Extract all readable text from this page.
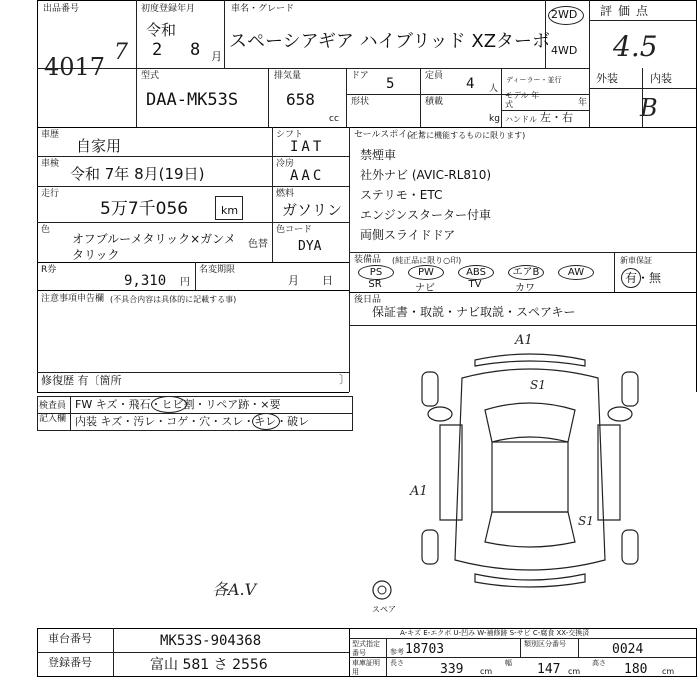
出品番号
4017
7
初度登録年月
令和
2 8 月
車名・グレード
スペーシアギア ハイブリッド XZターボ
2WD
4WD
評価点
4.5
型式
DAA-MK53S
排気量
658
cc
ドア 5	定員 4 人
ディーラー・並行
形状	積載
kg
モデル 年式	年
ハンドル 左・右
外装	内装
B
車歴
自家用
シフト
IAT
車検
令和 7年 8月(19日)
冷房
AAC
走行
5万7千056	km
燃料
ガソリン
色
オフブルーメタリック×ガンメタリック
色替
色コード
DYA
R券
9,310 円
名変期限
月 日
注意事項申告欄 (不具合内容は具体的に記載する事)
修復歴 有〔箇所	〕
セールスポイント
(正常に機能するものに限ります)
禁煙車
社外ナビ (AVIC-RL810)
ステリモ・ETC
エンジンスターター付車
両側スライドドア
装備品 (純正品に限り○印)
PS
SR
PW
ナビ
ABS
TV
エアB
カワ
AW
新車保証
有・無
後日品
保証書・取説・ナビ取説・スペアキー
検査員 記入欄
FW キズ・飛石・ヒビ割・リペア跡・×要
内装 キズ・汚レ・コゲ・穴・スレ・キレ・破レ
スペア
A1
S1
A1
S1
各A.V
車台番号	MK53S-904368
登録番号	富山 581 さ 2556
A-キズ E-エクボ U-凹み W-補修跡 S-サビ C-腐食 XX-交換済
型式指定番号	参考 18703	類別区分番号	0024
車庫証明用
長さ	339 cm
幅 147 cm
高さ 180 cm
